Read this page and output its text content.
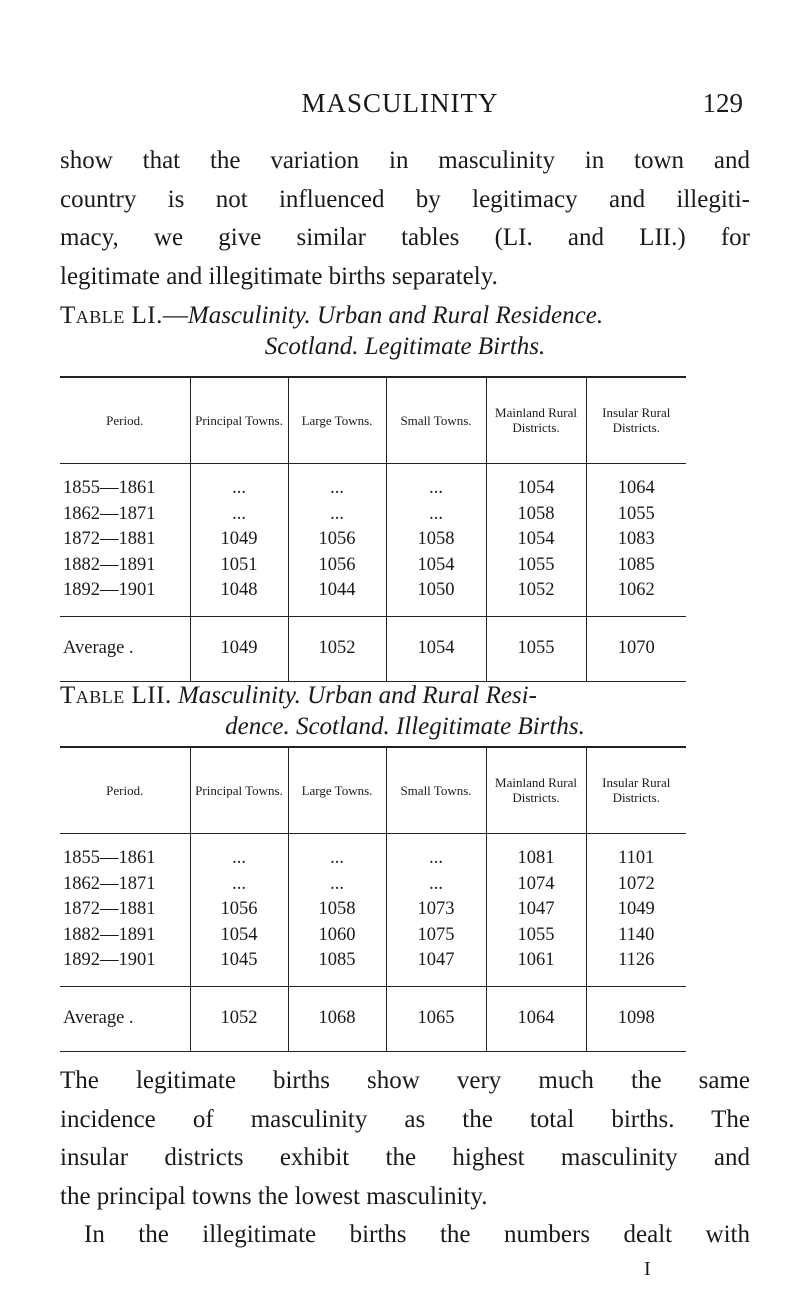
MASCULINITY	129
show that the variation in masculinity in town and
country is not influenced by legitimacy and illegiti-
macy, we give similar tables (LI. and LII.) for
legitimate and illegitimate births separately.
Table LI.—Masculinity. Urban and Rural Residence.
Scotland. Legitimate Births.
Period.	Principal Towns.	Large Towns.	Small Towns.	Mainland Rural Districts.	Insular Rural Districts.
1855—1861	...	...	...	1054	1064
1862—1871	...	...	...	1058	1055
1872—1881	1049	1056	1058	1054	1083
1882—1891	1051	1056	1054	1055	1085
1892—1901	1048	1044	1050	1052	1062
Average .	1049	1052	1054	1055	1070
Table LII. Masculinity. Urban and Rural Resi-
dence. Scotland. Illegitimate Births.
Period.	Principal Towns.	Large Towns.	Small Towns.	Mainland Rural Districts.	Insular Rural Districts.
1855—1861	...	...	...	1081	1101
1862—1871	...	...	...	1074	1072
1872—1881	1056	1058	1073	1047	1049
1882—1891	1054	1060	1075	1055	1140
1892—1901	1045	1085	1047	1061	1126
Average .	1052	1068	1065	1064	1098
The legitimate births show very much the same
incidence of masculinity as the total births. The
insular districts exhibit the highest masculinity and
the principal towns the lowest masculinity.
In the illegitimate births the numbers dealt with
I
